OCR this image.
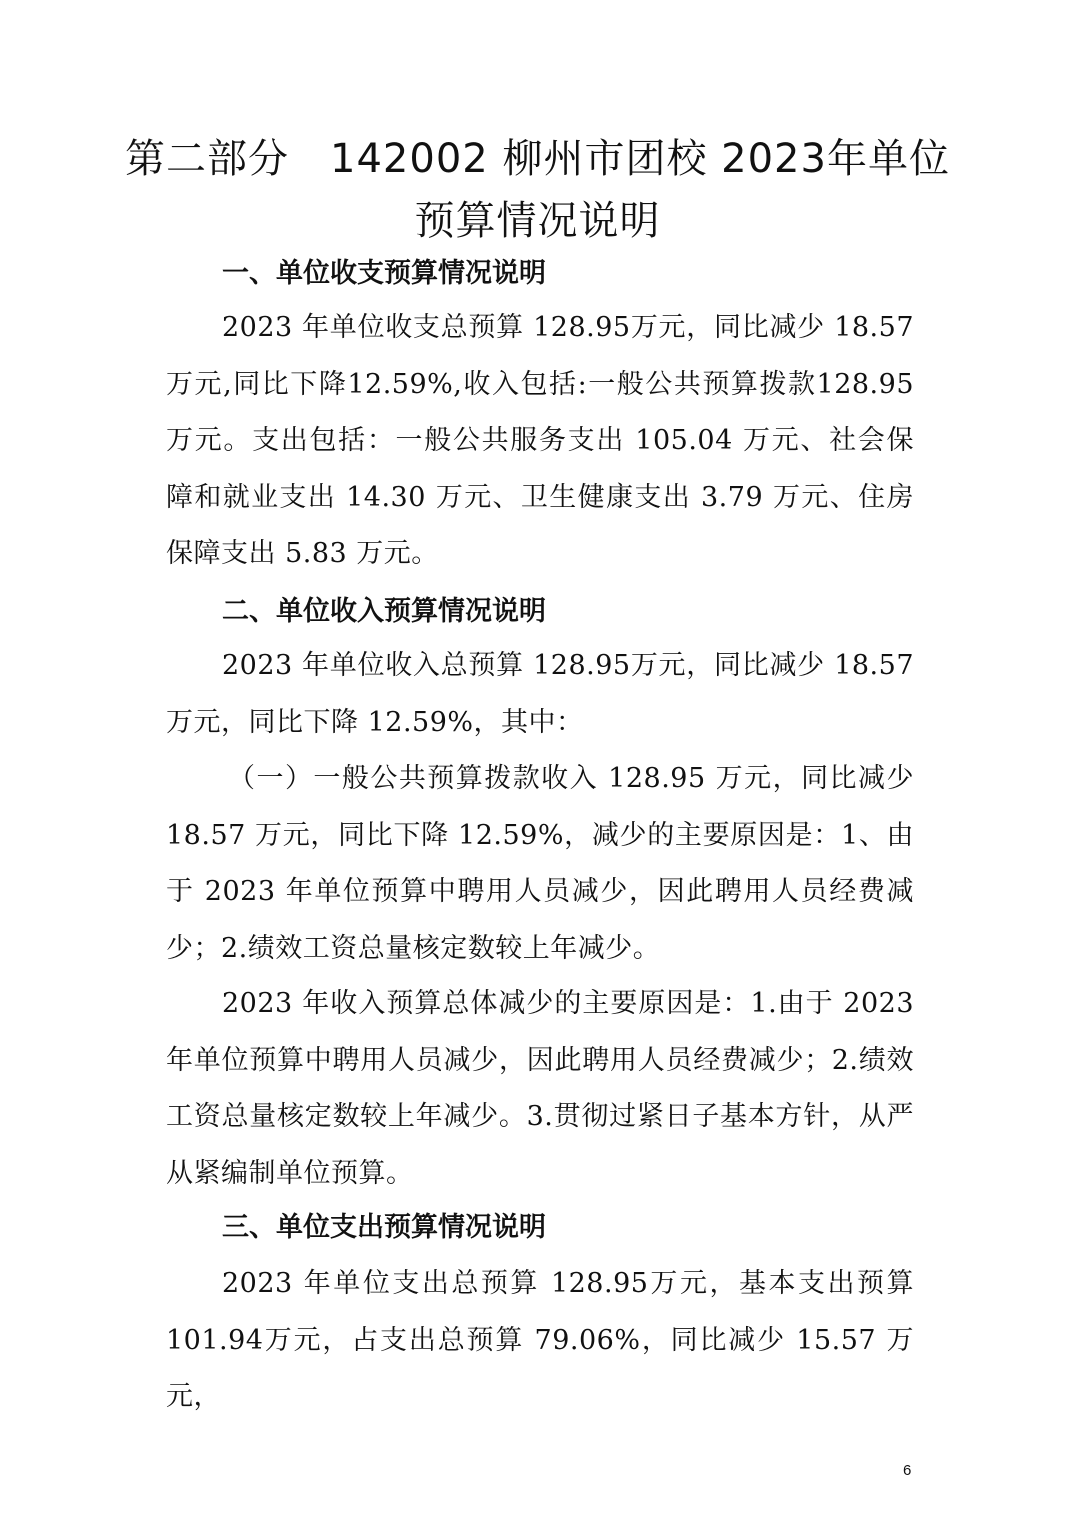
第二部分　142002 柳州市团校 2023年单位预算情况说明
一、单位收支预算情况说明

2023 年单位收支总预算 128.95万元，同比减少 18.57万元,同比下降12.59%,收入包括:一般公共预算拨款128.95万元。支出包括：一般公共服务支出 105.04 万元、社会保障和就业支出 14.30 万元、卫生健康支出 3.79 万元、住房保障支出 5.83 万元。

二、单位收入预算情况说明

2023 年单位收入总预算 128.95万元，同比减少 18.57万元，同比下降 12.59%，其中：

（一）一般公共预算拨款收入 128.95 万元，同比减少 18.57 万元，同比下降 12.59%，减少的主要原因是：1、由于 2023 年单位预算中聘用人员减少，因此聘用人员经费减少；2.绩效工资总量核定数较上年减少。

2023 年收入预算总体减少的主要原因是：1.由于 2023 年单位预算中聘用人员减少，因此聘用人员经费减少；2.绩效工资总量核定数较上年减少。3.贯彻过紧日子基本方针，从严从紧编制单位预算。

三、单位支出预算情况说明

2023 年单位支出总预算 128.95万元，基本支出预算101.94万元，占支出总预算 79.06%，同比减少 15.57 万元，

6
